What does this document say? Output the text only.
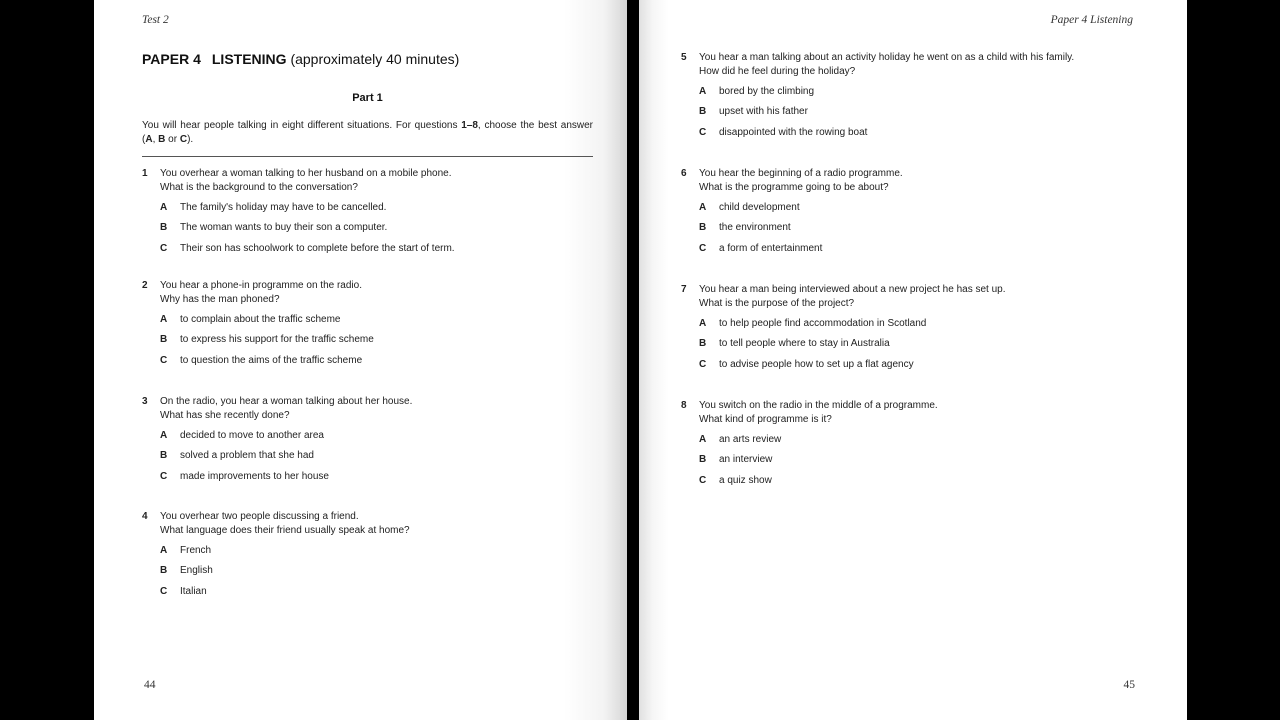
Test 2
PAPER 4 LISTENING (approximately 40 minutes)
Part 1
You will hear people talking in eight different situations. For questions 1–8, choose the best answer (A, B or C).
1 You overhear a woman talking to her husband on a mobile phone.
What is the background to the conversation?
A The family's holiday may have to be cancelled.
B The woman wants to buy their son a computer.
C Their son has schoolwork to complete before the start of term.
2 You hear a phone-in programme on the radio.
Why has the man phoned?
A to complain about the traffic scheme
B to express his support for the traffic scheme
C to question the aims of the traffic scheme
3 On the radio, you hear a woman talking about her house.
What has she recently done?
A decided to move to another area
B solved a problem that she had
C made improvements to her house
4 You overhear two people discussing a friend.
What language does their friend usually speak at home?
A French
B English
C Italian
44
Paper 4 Listening
5 You hear a man talking about an activity holiday he went on as a child with his family.
How did he feel during the holiday?
A bored by the climbing
B upset with his father
C disappointed with the rowing boat
6 You hear the beginning of a radio programme.
What is the programme going to be about?
A child development
B the environment
C a form of entertainment
7 You hear a man being interviewed about a new project he has set up.
What is the purpose of the project?
A to help people find accommodation in Scotland
B to tell people where to stay in Australia
C to advise people how to set up a flat agency
8 You switch on the radio in the middle of a programme.
What kind of programme is it?
A an arts review
B an interview
C a quiz show
45
